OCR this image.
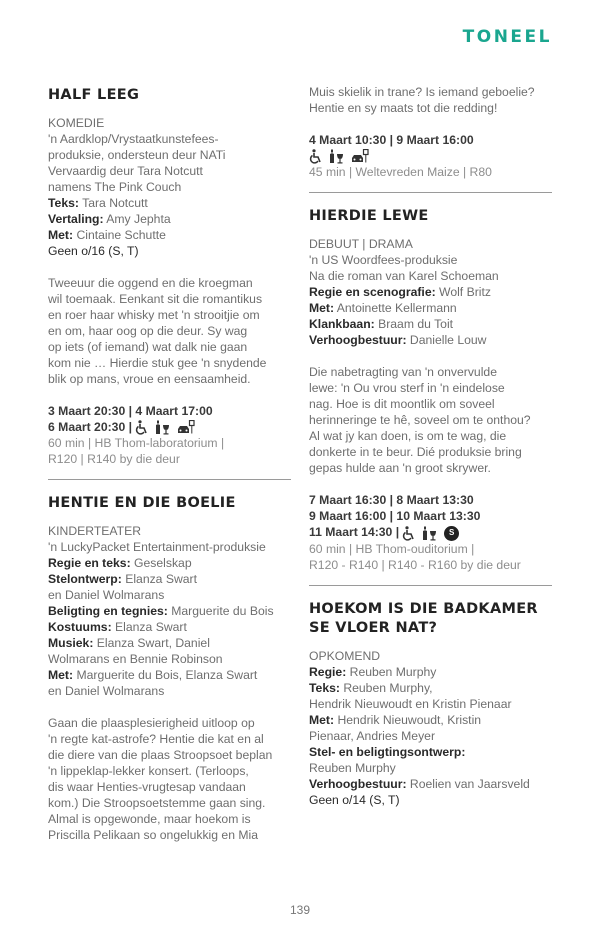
TONEEL
HALF LEEG
KOMEDIE
'n Aardklop/Vrystaatkunstefees-
produksie, ondersteun deur NATi
Vervaardig deur Tara Notcutt
namens The Pink Couch
Teks: Tara Notcutt
Vertaling: Amy Jephta
Met: Cintaine Schutte
Geen o/16 (S, T)
Tweeuur die oggend en die kroegman
wil toemaak. Eenkant sit die romantikus
en roer haar whisky met 'n strooitjie om
en om, haar oog op die deur. Sy wag
op iets (of iemand) wat dalk nie gaan
kom nie … Hierdie stuk gee 'n snydende
blik op mans, vroue en eensaamheid.
3 Maart 20:30 | 4 Maart 17:00
6 Maart 20:30 |
60 min | HB Thom-laboratorium |
R120 | R140 by die deur
HENTIE EN DIE BOELIE
KINDERTEATER
'n LuckyPacket Entertainment-produksie
Regie en teks: Geselskap
Stelontwerp: Elanza Swart
en Daniel Wolmarans
Beligting en tegnies: Marguerite du Bois
Kostuums: Elanza Swart
Musiek: Elanza Swart, Daniel
Wolmarans en Bennie Robinson
Met: Marguerite du Bois, Elanza Swart
en Daniel Wolmarans
Gaan die plaasplesierigheid uitloop op
'n regte kat-astrofe? Hentie die kat en al
die diere van die plaas Stroopsoet beplan
'n lippeklap-lekker konsert. (Terloops,
dis waar Henties-vrugtesap vandaan
kom.) Die Stroopsoetstemme gaan sing.
Almal is opgewonde, maar hoekom is
Priscilla Pelikaan so ongelukkig en Mia
Muis skielik in trane? Is iemand geboelie?
Hentie en sy maats tot die redding!
4 Maart 10:30 | 9 Maart 16:00
45 min | Weltevreden Maize | R80
HIERDIE LEWE
DEBUUT | DRAMA
'n US Woordfees-produksie
Na die roman van Karel Schoeman
Regie en scenografie: Wolf Britz
Met: Antoinette Kellermann
Klankbaan: Braam du Toit
Verhoogbestuur: Danielle Louw
Die nabetragting van 'n onvervulde
lewe: 'n Ou vrou sterf in 'n eindelose
nag. Hoe is dit moontlik om soveel
herinneringe te hê, soveel om te onthou?
Al wat jy kan doen, is om te wag, die
donkerte in te beur. Dié produksie bring
gepas hulde aan 'n groot skrywer.
7 Maart 16:30 | 8 Maart 13:30
9 Maart 16:00 | 10 Maart 13:30
11 Maart 14:30 |	S
60 min | HB Thom-ouditorium |
R120 - R140 | R140 - R160 by die deur
HOEKOM IS DIE BADKAMER
SE VLOER NAT?
OPKOMEND
Regie: Reuben Murphy
Teks: Reuben Murphy,
Hendrik Nieuwoudt en Kristin Pienaar
Met: Hendrik Nieuwoudt, Kristin
Pienaar, Andries Meyer
Stel- en beligtingsontwerp:
Reuben Murphy
Verhoogbestuur: Roelien van Jaarsveld
Geen o/14 (S, T)
139
